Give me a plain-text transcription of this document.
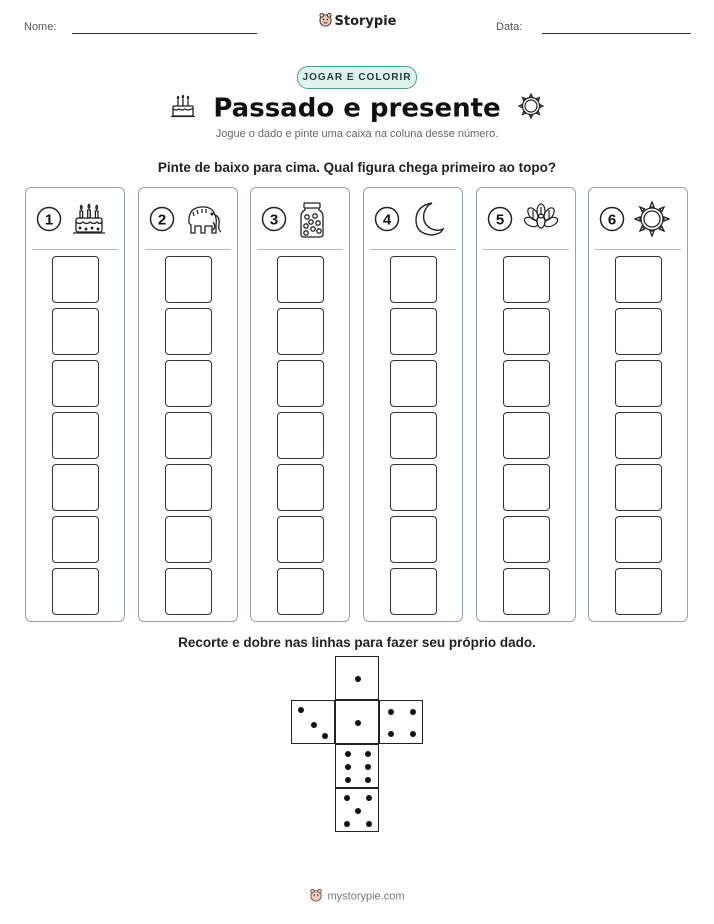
Nome:	Data:
Storypie
JOGAR E COLORIR
Passado e presente
Jogue o dado e pinte uma caixa na coluna desse número.
Pinte de baixo para cima. Qual figura chega primeiro ao topo?
1	2	3	4	5	6
Recorte e dobre nas linhas para fazer seu próprio dado.
mystorypie.com
